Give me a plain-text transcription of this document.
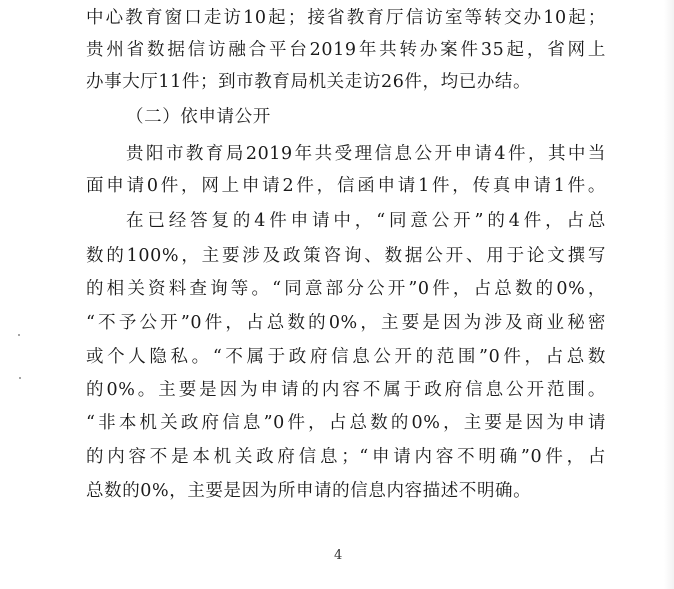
中心教育窗口走访10起；接省教育厅信访室等转交办10起；
贵州省数据信访融合平台2019年共转办案件35起，省网上
办事大厅11件；到市教育局机关走访26件，均已办结。
（二）依申请公开
贵阳市教育局2019年共受理信息公开申请4件，其中当
面申请0件，网上申请2件，信函申请1件，传真申请1件。
在已经答复的4件申请中，“同意公开”的4件，占总
数的100%，主要涉及政策咨询、数据公开、用于论文撰写
的相关资料查询等。“同意部分公开”0件，占总数的0%，
“不予公开”0件，占总数的0%，主要是因为涉及商业秘密
或个人隐私。“不属于政府信息公开的范围”0件，占总数
的0%。主要是因为申请的内容不属于政府信息公开范围。
“非本机关政府信息”0件，占总数的0%，主要是因为申请
的内容不是本机关政府信息；“申请内容不明确”0件，占
总数的0%，主要是因为所申请的信息内容描述不明确。
4
